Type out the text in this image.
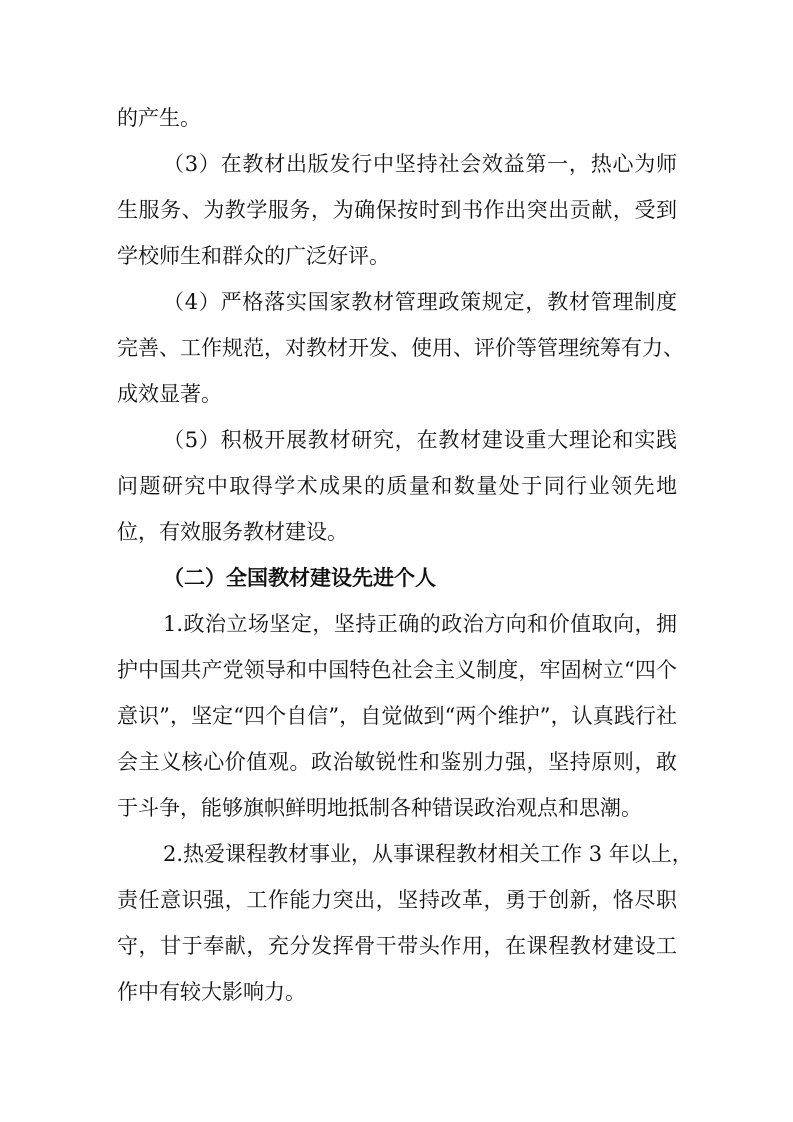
的产生。
（3）在教材出版发行中坚持社会效益第一，热心为师
生服务、为教学服务，为确保按时到书作出突出贡献，受到
学校师生和群众的广泛好评。
（4）严格落实国家教材管理政策规定，教材管理制度
完善、工作规范，对教材开发、使用、评价等管理统筹有力、
成效显著。
（5）积极开展教材研究，在教材建设重大理论和实践
问题研究中取得学术成果的质量和数量处于同行业领先地
位，有效服务教材建设。
（二）全国教材建设先进个人
1.政治立场坚定，坚持正确的政治方向和价值取向，拥
护中国共产党领导和中国特色社会主义制度，牢固树立“四个
意识”，坚定“四个自信”，自觉做到“两个维护”，认真践行社
会主义核心价值观。政治敏锐性和鉴别力强，坚持原则，敢
于斗争，能够旗帜鲜明地抵制各种错误政治观点和思潮。
2.热爱课程教材事业，从事课程教材相关工作 3 年以上，
责任意识强，工作能力突出，坚持改革，勇于创新，恪尽职
守，甘于奉献，充分发挥骨干带头作用，在课程教材建设工
作中有较大影响力。
